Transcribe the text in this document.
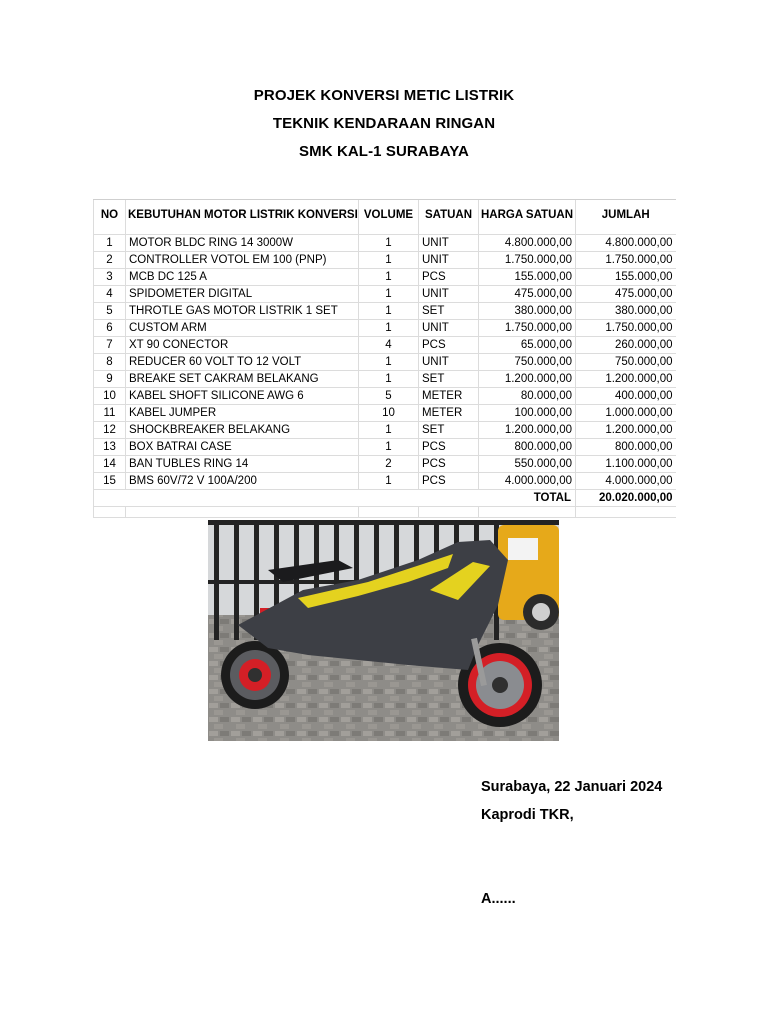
PROJEK KONVERSI METIC LISTRIK
TEKNIK KENDARAAN RINGAN
SMK KAL-1 SURABAYA
NO	KEBUTUHAN MOTOR LISTRIK KONVERSI	VOLUME	SATUAN	HARGA SATUAN	JUMLAH

1	MOTOR BLDC RING 14 3000W	1	UNIT	4.800.000,00	4.800.000,00
2	CONTROLLER VOTOL EM 100 (PNP)	1	UNIT	1.750.000,00	1.750.000,00
3	MCB DC 125 A	1	PCS	155.000,00	155.000,00
4	SPIDOMETER DIGITAL	1	UNIT	475.000,00	475.000,00
5	THROTLE GAS MOTOR LISTRIK 1 SET	1	SET	380.000,00	380.000,00
6	CUSTOM ARM	1	UNIT	1.750.000,00	1.750.000,00
7	XT 90 CONECTOR	4	PCS	65.000,00	260.000,00
8	REDUCER 60 VOLT TO 12 VOLT	1	UNIT	750.000,00	750.000,00
9	BREAKE SET CAKRAM BELAKANG	1	SET	1.200.000,00	1.200.000,00
10	KABEL SHOFT SILICONE AWG 6	5	METER	80.000,00	400.000,00
11	KABEL JUMPER	10	METER	100.000,00	1.000.000,00
12	SHOCKBREAKER BELAKANG	1	SET	1.200.000,00	1.200.000,00
13	BOX BATRAI CASE	1	PCS	800.000,00	800.000,00
14	BAN TUBLES RING 14	2	PCS	550.000,00	1.100.000,00
15	BMS 60V/72 V 100A/200	1	PCS	4.000.000,00	4.000.000,00
TOTAL					20.020.000,00

Surabaya, 22 Januari 2024
Kaprodi TKR,
A......
